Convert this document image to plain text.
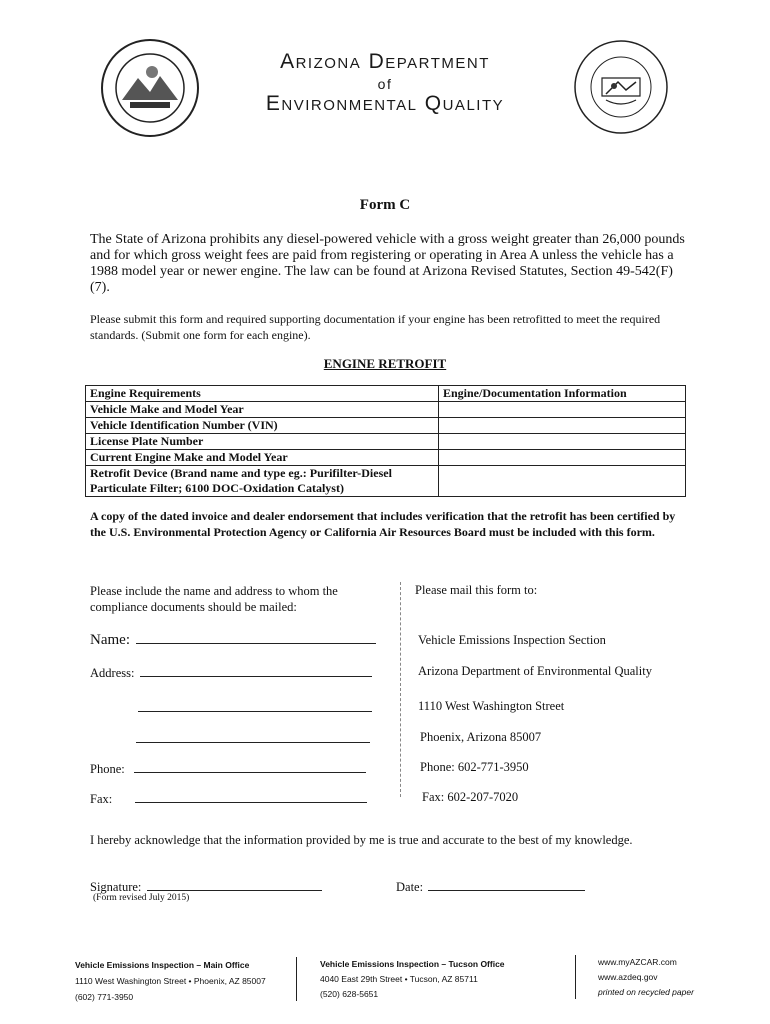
Arizona Department
of
Environmental Quality
Form C
The State of Arizona prohibits any diesel-powered vehicle with a gross weight greater than 26,000 pounds and for which gross weight fees are paid from registering or operating in Area A unless the vehicle has a 1988 model year or newer engine. The law can be found at Arizona Revised Statutes, Section 49-542(F)(7).
Please submit this form and required supporting documentation if your engine has been retrofitted to meet the required standards. (Submit one form for each engine).
ENGINE RETROFIT
Engine Requirements	Engine/Documentation Information
Vehicle Make and Model Year	
Vehicle Identification Number (VIN)	
License Plate Number	
Current Engine Make and Model Year	
Retrofit Device (Brand name and type eg.: Purifilter-Diesel Particulate Filter; 6100 DOC-Oxidation Catalyst)	
A copy of the dated invoice and dealer endorsement that includes verification that the retrofit has been certified by the U.S. Environmental Protection Agency or California Air Resources Board must be included with this form.
Please include the name and address to whom the compliance documents should be mailed:
Please mail this form to:
Name:
Address:
Phone:
Fax:
Vehicle Emissions Inspection Section
Arizona Department of Environmental Quality
1110 West Washington Street
Phoenix, Arizona 85007
Phone: 602-771-3950
Fax: 602-207-7020
I hereby acknowledge that the information provided by me is true and accurate to the best of my knowledge.
Signature:	Date:
(Form revised July 2015)
Vehicle Emissions Inspection – Main Office
1110 West Washington Street • Phoenix, AZ 85007
(602) 771-3950
Vehicle Emissions Inspection – Tucson Office
4040 East 29th Street • Tucson, AZ 85711
(520) 628-5651
www.myAZCAR.com
www.azdeq.gov
printed on recycled paper
